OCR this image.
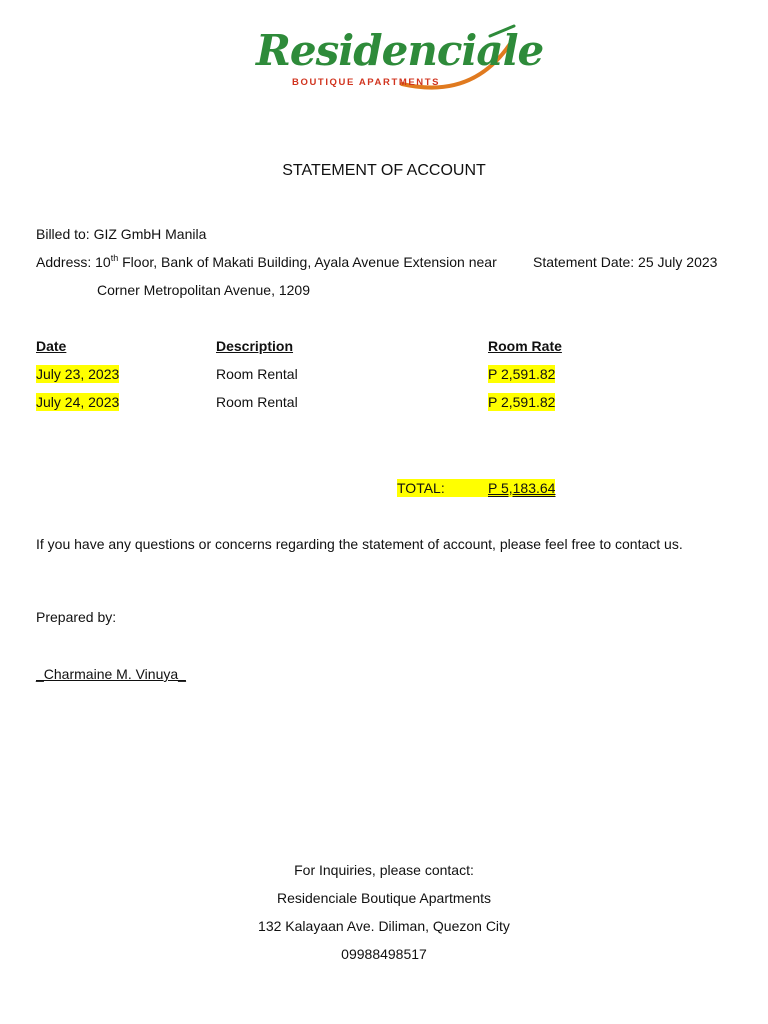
Residenciale
BOUTIQUE APARTMENTS
STATEMENT OF ACCOUNT
Billed to: GIZ GmbH Manila
Address: 10th Floor, Bank of Makati Building, Ayala Avenue Extension near	Statement Date: 25 July 2023
Corner Metropolitan Avenue, 1209
Date	Description	Room Rate
July 23, 2023	Room Rental	P 2,591.82
July 24, 2023	Room Rental	P 2,591.82
TOTAL:	P 5,183.64
If you have any questions or concerns regarding the statement of account, please feel free to contact us.
Prepared by:
_Charmaine M. Vinuya_
For Inquiries, please contact:
Residenciale Boutique Apartments
132 Kalayaan Ave. Diliman, Quezon City
09988498517
